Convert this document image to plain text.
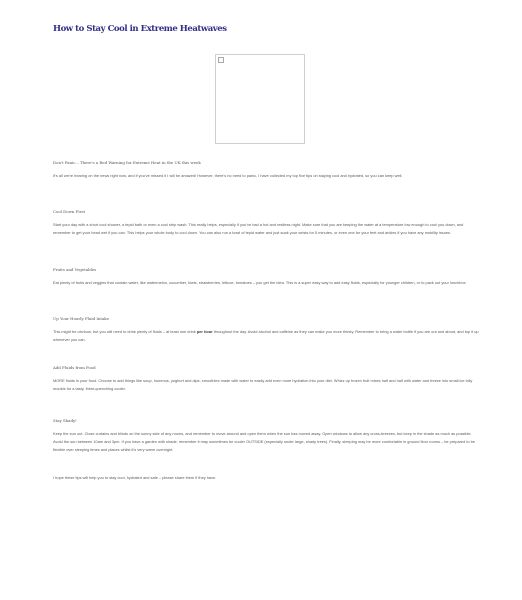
How to Stay Cool in Extreme Heatwaves

Don't Panic – There's a Red Warning for Extreme Heat in the UK this week

It's all we're hearing on the news right now, and if you've missed it I will be amazed! However, there's no need to panic, I have collected my top five tips on staying cool and hydrated, so you can keep well.

Cool Down First

Start your day with a short cool shower, a tepid bath or even a cool strip wash. This really helps, especially if you've had a hot and restless night. Make sure that you are keeping the water at a temperature low enough to cool you down, and remember to get your head wet if you can. This helps your whole body to cool down. You can also run a bowl of tepid water and just soak your wrists for 5 minutes, or even one for your feet and ankles if you have any mobility issues.

Fruits and Vegetables

Eat plenty of fruits and veggies that contain water, like watermelon, cucumber, kiwis, strawberries, lettuce, tomatoes – you get the idea. This is a super easy way to add easy fluids, especially for younger children, or to pack out your lunchbox.

Up Your Hourly Fluid Intake

This might be obvious, but you will need to drink plenty of fluids – at least one drink per hour throughout the day. Avoid alcohol and caffeine as they can make you more thirsty. Remember to bring a water bottle if you are out and about, and top it up whenever you can.

Add Fluids from Food

MORE fluids in your food. Choose to add things like soup, hummus, yoghurt and dips, smoothies made with water to easily add even more hydration into your diet. Whizz up frozen fruit mixes half and half with water and freeze into small ice lolly moulds for a tasty, thirst-quenching cooler.

Stay Shady!

Keep the sun out. Close curtains and blinds on the sunny side of any rooms, and remember to move around and open them when the sun has moved away. Open windows to allow any cross-breezes, but keep in the shade as much as possible. Avoid the sun between 10am and 3pm. If you have a garden with shade, remember it may sometimes be cooler OUTSIDE (especially under large, shady trees). Finally, sleeping may be more comfortable in ground floor rooms – be prepared to be flexible over sleeping times and places whilst it's very warm overnight.

I hope these tips will help you to stay cool, hydrated and safe – please share them if they have.
